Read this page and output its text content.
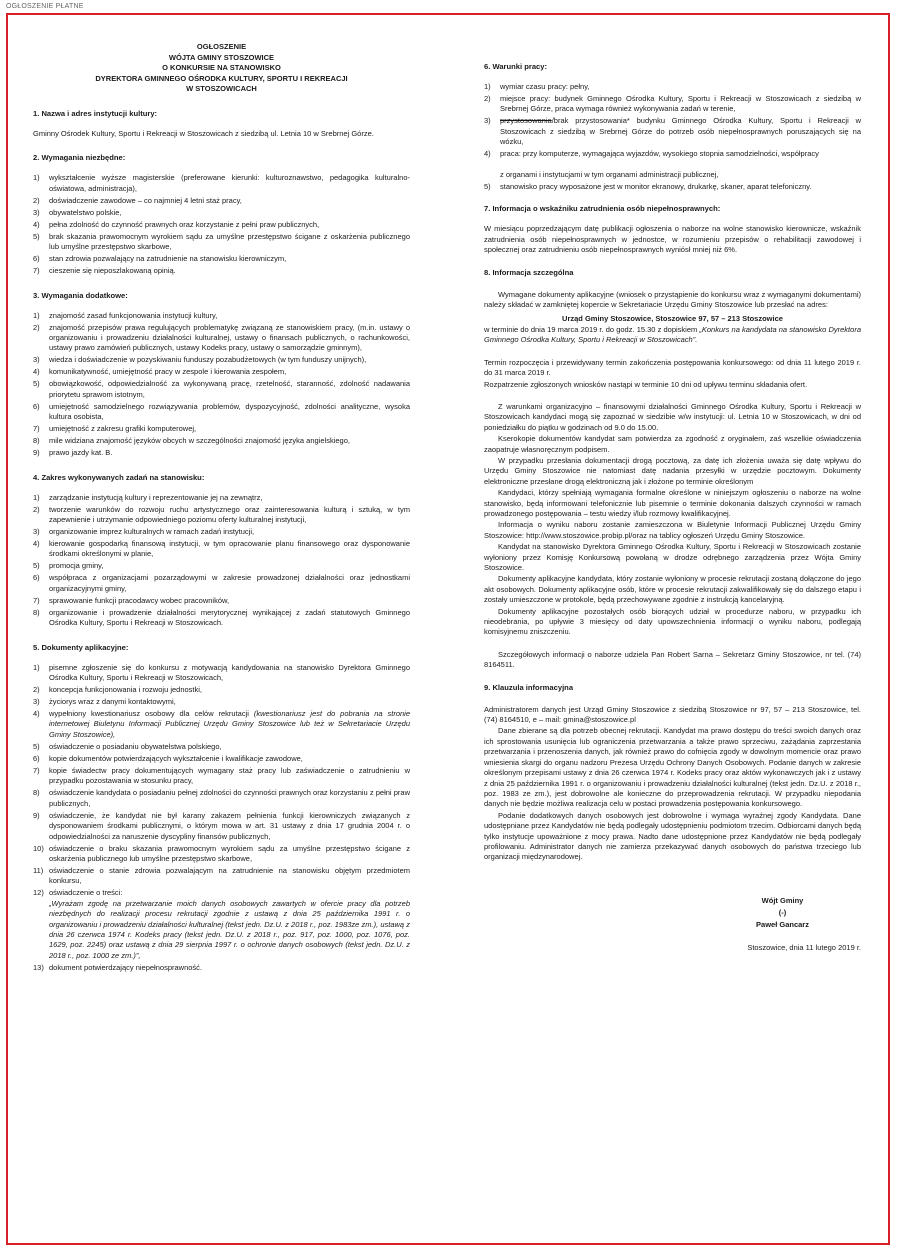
OGŁOSZENIE PŁATNE
OGŁOSZENIE
WÓJTA GMINY STOSZOWICE
O KONKURSIE NA STANOWISKO
DYREKTORA GMINNEGO OŚRODKA KULTURY, SPORTU I REKREACJI
W STOSZOWICACH
1. Nazwa i adres instytucji kultury:

Gminny Ośrodek Kultury, Sportu i Rekreacji w Stoszowicach z siedzibą ul. Letnia 10 w Srebrnej Górze.

2. Wymagania niezbędne:
1) wykształcenie wyższe magisterskie (preferowane kierunki: kulturoznawstwo, pedagogika kulturalno-oświatowa, administracja),
2) doświadczenie zawodowe – co najmniej 4 letni staż pracy,
3) obywatelstwo polskie,
4) pełna zdolność do czynność prawnych oraz korzystanie z pełni praw publicznych,
5) brak skazania prawomocnym wyrokiem sądu za umyślne przestępstwo ścigane z oskarżenia publicznego lub umyślne przestępstwo skarbowe,
6) stan zdrowia pozwalający na zatrudnienie na stanowisku kierowniczym,
7) cieszenie się nieposzlakowaną opinią.
3. Wymagania dodatkowe:
1) znajomość zasad funkcjonowania instytucji kultury,
2) znajomość przepisów prawa regulujących problematykę związaną ze stanowiskiem pracy, (m.in. ustawy o organizowaniu i prowadzeniu działalności kulturalnej, ustawy o finansach publicznych, o rachunkowości, ustawy prawo zamówień publicznych, ustawy Kodeks pracy, ustawy o samorządzie gminnym),
3) wiedza i doświadczenie w pozyskiwaniu funduszy pozabudżetowych (w tym funduszy unijnych),
4) komunikatywność, umiejętność pracy w zespole i kierowania zespołem,
5) obowiązkowość, odpowiedzialność za wykonywaną pracę, rzetelność, staranność, zdolność nadawania priorytetu sprawom istotnym,
6) umiejętność samodzielnego rozwiązywania problemów, dyspozycyjność, zdolności analityczne, wysoka kultura osobista,
7) umiejętność z zakresu grafiki komputerowej,
8) mile widziana znajomość języków obcych w szczególności znajomość języka angielskiego,
9) prawo jazdy kat. B.
4. Zakres wykonywanych zadań na stanowisku:
1) zarządzanie instytucją kultury i reprezentowanie jej na zewnątrz,
2) tworzenie warunków do rozwoju ruchu artystycznego oraz zainteresowania kulturą i sztuką, w tym zapewnienie i utrzymanie odpowiedniego poziomu oferty kulturalnej instytucji,
3) organizowanie imprez kulturalnych w ramach zadań instytucji,
4) kierowanie gospodarką finansową instytucji, w tym opracowanie planu finansowego oraz dysponowanie środkami określonymi w planie,
5) promocja gminy,
6) współpraca z organizacjami pozarządowymi w zakresie prowadzonej działalności oraz jednostkami organizacyjnymi gminy,
7) sprawowanie funkcji pracodawcy wobec pracowników,
8) organizowanie i prowadzenie działalności merytorycznej wynikającej z zadań statutowych Gminnego Ośrodka Kultury, Sportu i Rekreacji w Stoszowicach.
5. Dokumenty aplikacyjne:
1) pisemne zgłoszenie się do konkursu z motywacją kandydowania na stanowisko Dyrektora Gminnego Ośrodka Kultury, Sportu i Rekreacji w Stoszowicach,
2) koncepcja funkcjonowania i rozwoju jednostki,
3) życiorys wraz z danymi kontaktowymi,
4) wypełniony kwestionariusz osobowy dla celów rekrutacji (kwestionariusz jest do pobrania na stronie internetowej Biuletynu Informacji Publicznej Urzędu Gminy Stoszowice lub też w Sekretariacie Urzędu Gminy Stoszowice),
5) oświadczenie o posiadaniu obywatelstwa polskiego,
6) kopie dokumentów potwierdzających wykształcenie i kwalifikacje zawodowe,
7) kopie świadectw pracy dokumentujących wymagany staż pracy lub zaświadczenie o zatrudnieniu w przypadku pozostawania w stosunku pracy,
8) oświadczenie kandydata o posiadaniu pełnej zdolności do czynności prawnych oraz korzystaniu z pełni praw publicznych,
9) oświadczenie, że kandydat nie był karany zakazem pełnienia funkcji kierowniczych związanych z dysponowaniem środkami publicznymi, o którym mowa w art. 31 ustawy z dnia 17 grudnia 2004 r. o odpowiedzialności za naruszenie dyscypliny finansów publicznych,
10) oświadczenie o braku skazania prawomocnym wyrokiem sądu za umyślne przestępstwo ścigane z oskarżenia publicznego lub umyślne przestępstwo skarbowe,
11) oświadczenie o stanie zdrowia pozwalającym na zatrudnienie na stanowisku objętym przedmiotem konkursu,
12) oświadczenie o treści:
„Wyrażam zgodę na przetwarzanie moich danych osobowych zawartych w ofercie pracy dla potrzeb niezbędnych do realizacji procesu rekrutacji zgodnie z ustawą z dnia 25 października 1991 r. o organizowaniu i prowadzeniu działalności kulturalnej (tekst jedn. Dz.U. z 2018 r., poz. 1983ze zm.), ustawą z dnia 26 czerwca 1974 r. Kodeks pracy (tekst jedn. Dz.U. z 2018 r., poz. 917, poz. 1000, poz. 1076, poz. 1629, poz. 2245) oraz ustawą z dnia 29 sierpnia 1997 r. o ochronie danych osobowych (tekst jedn. Dz.U. z 2018 r., poz. 1000 ze zm.)”,
13) dokument potwierdzający niepełnosprawność.
6. Warunki pracy:
1) wymiar czasu pracy: pełny,
2) miejsce pracy: budynek Gminnego Ośrodka Kultury, Sportu i Rekreacji w Stoszowicach z siedzibą w Srebrnej Górze, praca wymaga również wykonywania zadań w terenie,
3) przystosowania/brak przystosowania* budynku Gminnego Ośrodka Kultury, Sportu i Rekreacji w Stoszowicach z siedzibą w Srebrnej Górze do potrzeb osób niepełnosprawnych poruszających się na wózku,
4) praca: przy komputerze, wymagająca wyjazdów, wysokiego stopnia samodzielności, współpracy

z organami i instytucjami w tym organami administracji publicznej,
5) stanowisko pracy wyposażone jest w monitor ekranowy, drukarkę, skaner, aparat telefoniczny.
7. Informacja o wskaźniku zatrudnienia osób niepełnosprawnych:

W miesiącu poprzedzającym datę publikacji ogłoszenia o naborze na wolne stanowisko kierownicze, wskaźnik zatrudnienia osób niepełnosprawnych w jednostce, w rozumieniu przepisów o rehabilitacji zawodowej i społecznej oraz zatrudnieniu osób niepełnosprawnych wyniósł mniej niż 6%.

8. Informacja szczególna

Wymagane dokumenty aplikacyjne (wniosek o przystąpienie do konkursu wraz z wymaganymi dokumentami) należy składać w zamkniętej kopercie w Sekretariacie Urzędu Gminy Stoszowice lub przesłać na adres:

Urząd Gminy Stoszowice, Stoszowice 97, 57 – 213 Stoszowice

w terminie do dnia 19 marca 2019 r. do godz. 15.30 z dopiskiem „Konkurs na kandydata na stanowisko Dyrektora Gminnego Ośrodka Kultury, Sportu i Rekreacji w Stoszowicach”.

Termin rozpoczęcia i przewidywany termin zakończenia postępowania konkursowego: od dnia 11 lutego 2019 r. do 31 marca 2019 r.

Rozpatrzenie zgłoszonych wniosków nastąpi w terminie 10 dni od upływu terminu składania ofert.

Z warunkami organizacyjno – finansowymi działalności Gminnego Ośrodka Kultury, Sportu i Rekreacji w Stoszowicach kandydaci mogą się zapoznać w siedzibie w/w instytucji: ul. Letnia 10 w Stoszowicach, w dni od poniedziałku do piątku w godzinach od 9.0 do 15.00.

Kserokopie dokumentów kandydat sam potwierdza za zgodność z oryginałem, zaś wszelkie oświadczenia zaopatruje własnoręcznym podpisem.

W przypadku przesłania dokumentacji drogą pocztową, za datę ich złożenia uważa się datę wpływu do Urzędu Gminy Stoszowice nie natomiast datę nadania przesyłki w urzędzie pocztowym. Dokumenty elektroniczne przesłane drogą elektroniczną jak i złożone po terminie określonym

Kandydaci, którzy spełniają wymagania formalne określone w niniejszym ogłoszeniu o naborze na wolne stanowisko, będą informowani telefonicznie lub pisemnie o terminie dokonania dalszych czynności w ramach prowadzonego postępowania – testu wiedzy i/lub rozmowy kwalifikacyjnej.

Informacja o wyniku naboru zostanie zamieszczona w Biuletynie Informacji Publicznej Urzędu Gminy Stoszowice: http://www.stoszowice.probip.pl/oraz na tablicy ogłoszeń Urzędu Gminy Stoszowice.

Kandydat na stanowisko Dyrektora Gminnego Ośrodka Kultury, Sportu i Rekreacji w Stoszowicach zostanie wyłoniony przez Komisję Konkursową powołaną w drodze odrębnego zarządzenia przez Wójta Gminy Stoszowice.

Dokumenty aplikacyjne kandydata, który zostanie wyłoniony w procesie rekrutacji zostaną dołączone do jego akt osobowych. Dokumenty aplikacyjne osób, które w procesie rekrutacji zakwalifikowały się do dalszego etapu i zostały umieszczone w protokole, będą przechowywane zgodnie z instrukcją kancelaryjną.

Dokumenty aplikacyjne pozostałych osób biorących udział w procedurze naboru, w przypadku ich nieodebrania, po upływie 3 miesięcy od daty upowszechnienia informacji o wyniku naboru, podlegają komisyjnemu zniszczeniu.

Szczegółowych informacji o naborze udziela Pan Robert Sarna – Sekretarz Gminy Stoszowice, nr tel. (74) 8164511.

9. Klauzula informacyjna

Administratorem danych jest Urząd Gminy Stoszowice z siedzibą Stoszowice nr 97, 57 – 213 Stoszowice, tel. (74) 8164510, e – mail: gmina@stoszowice.pl

Dane zbierane są dla potrzeb obecnej rekrutacji. Kandydat ma prawo dostępu do treści swoich danych oraz ich sprostowania usunięcia lub ograniczenia przetwarzania a także prawo sprzeciwu, zażądania zaprzestania przetwarzania i przenoszenia danych, jak również prawo do cofnięcia zgody w dowolnym momencie oraz prawo wniesienia skargi do organu nadzoru Prezesa Urzędu Ochrony Danych Osobowych. Podanie danych w zakresie określonym przepisami ustawy z dnia 26 czerwca 1974 r. Kodeks pracy oraz aktów wykonawczych jak i z ustawy z dnia 25 października 1991 r. o organizowaniu i prowadzeniu działalności kulturalnej (tekst jedn. Dz.U. z 2018 r., poz. 1983 ze zm.), jest dobrowolne ale konieczne do przeprowadzenia rekrutacji. W przypadku niepodania danych nie będzie możliwa realizacja celu w postaci prowadzenia postępowania konkursowego.

Podanie dodatkowych danych osobowych jest dobrowolne i wymaga wyraźnej zgody Kandydata. Dane udostępniane przez Kandydatów nie będą podlegały udostępnieniu podmiotom trzecim. Odbiorcami danych będą tylko instytucje upoważnione z mocy prawa. Nadto dane udostępnione przez Kandydatów nie będą podlegały profilowaniu. Administrator danych nie zamierza przekazywać danych osobowych do państwa trzeciego lub organizacji międzynarodowej.

Wójt Gminy
(-)
Paweł Gancarz
Stoszowice, dnia 11 lutego 2019 r.
